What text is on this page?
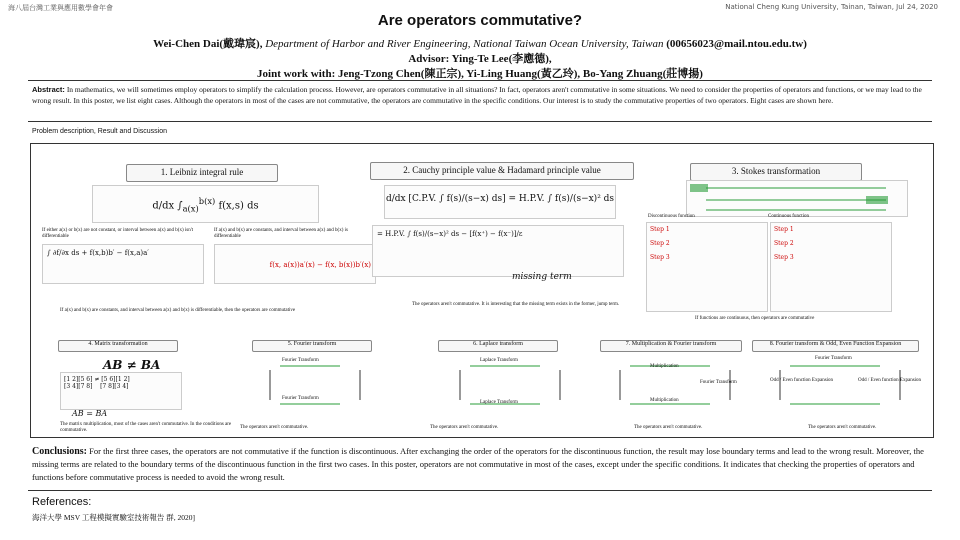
海八屆台灣工業與應用數學會年會	National Cheng Kung University, Tainan, Taiwan, Jul 24, 2020
Are operators commutative?
Wei-Chen Dai(戴瑋宸), Department of Harbor and River Engineering, National Taiwan Ocean University, Taiwan (00656023@mail.ntou.edu.tw)
Advisor: Ying-Te Lee(李應德),
Joint work with: Jeng-Tzong Chen(陳正宗), Yi-Ling Huang(黃乙玲), Bo-Yang Zhuang(莊博揚)
Abstract: In mathematics, we will sometimes employ operators to simplify the calculation process. However, are operators commutative in all situations? In fact, operators aren't commutative in some situations. We need to consider the properties of operators and functions, or we may lead to the wrong result. In this poster, we list eight cases. Although the operators in most of the cases are not commutative, the operators are commutative in the specific conditions. Our interest is to study the commutative properties of two operators. Eight cases are shown here.
Problem description, Result and Discussion
1. Leibniz integral rule
d/dx $\int_{a(x)}^{b(x)}$ f(x,s) ds
If either a(x) or b(x) are not constant, or interval between a(x) and b(x) isn't differentiable
If a(x) and b(x) are constants, and interval between a(x) and b(x) is differentiable
∫ ∂f/∂x ds + f(x,b)b′ − f(x,a)a′
f(x, a(x))a′(x) − f(x, b(x))b′(x)
If a(x) and b(x) are constants, and interval between a(x) and b(x) is differentiable, then the operators are commutative
2. Cauchy principle value & Hadamard principle value
d/dx [C.P.V. ∫ f(s)/(s−x) ds] = H.P.V. ∫ f(s)/(s−x)² ds
= H.P.V. ∫ f(s)/(s−x)² ds − [f(x⁺) − f(x⁻)]/ε
missing term
The operators aren't commutative. It is interesting that the missing term exists in the former, jump term.
3. Stokes transformation
Discontinuous function	Continuous function
Step 1

Step 2

Step 3
Step 1

Step 2

Step 3
If functions are continuous, then operators are commutative
4. Matrix transformation	5. Fourier transform	6. Laplace transform	7. Multiplication & Fourier transform	8. Fourier transform & Odd, Even Function Expansion
AB ≠ BA
[1 2][5 6] ≠ [5 6][1 2]
[3 4][7 8]    [7 8][3 4]
AB = BA
The matrix multiplication, most of the cases aren't commutative. In the conditions are commutative.
Fourier Transform
Fourier Transform
The operators aren't commutative.
Laplace Transform
Laplace Transform
The operators aren't commutative.
Multiplication
Fourier Transform
Multiplication
The operators aren't commutative.
Fourier Transform
Odd / Even function Expansion	Odd / Even function Expansion
The operators aren't commutative.
Conclusions: For the first three cases, the operators are not commutative if the function is discontinuous. After exchanging the order of the operators for the discontinuous function, the result may lose boundary terms and lead to the wrong result. Moreover, the missing terms are related to the boundary terms of the discontinuous function in the first two cases. In this poster, operators are not commutative in most of the cases, except under the specific conditions. It indicates that checking the properties of operators and functions before commutative process is needed to avoid the wrong result.
References:
海洋大學 MSV 工程模擬實驗室技術報告 群, 2020]
